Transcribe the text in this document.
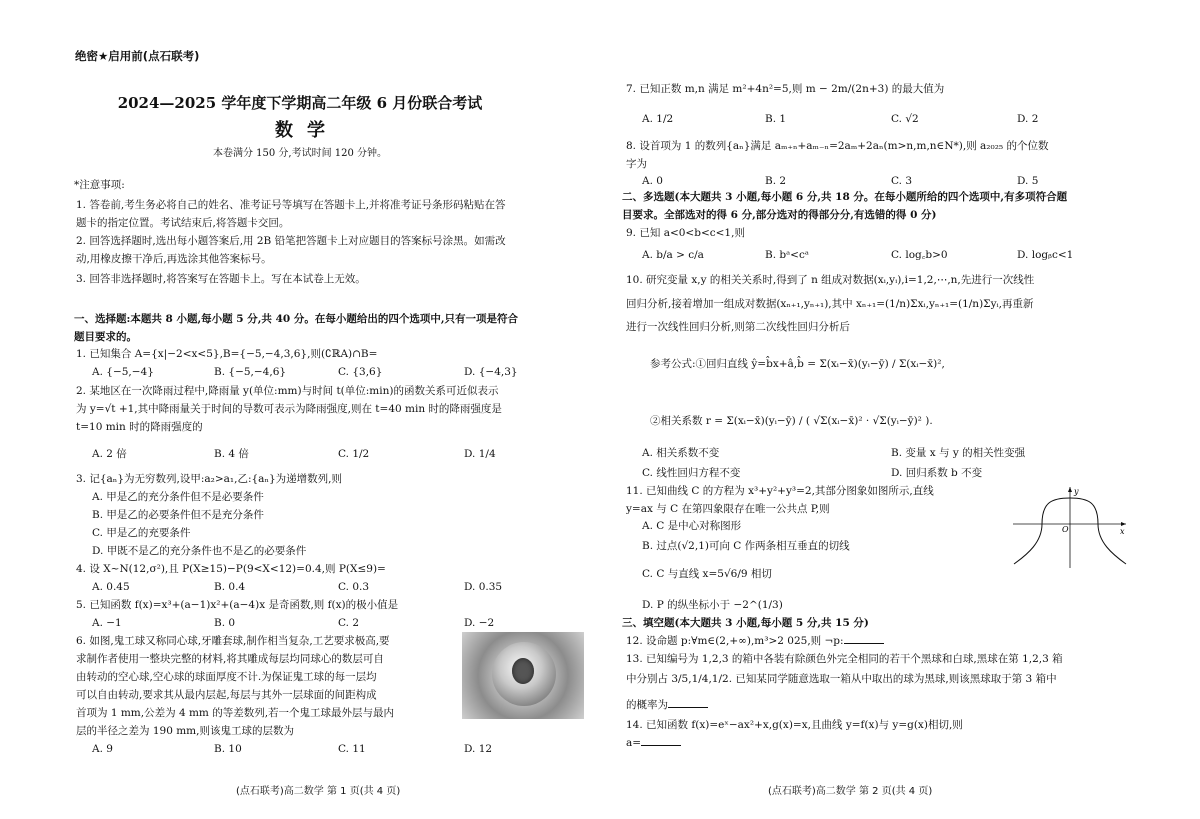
绝密★启用前(点石联考)
2024—2025 学年度下学期高二年级 6 月份联合考试
数学
本卷满分 150 分,考试时间 120 分钟。
*注意事项:
1. 答卷前,考生务必将自己的姓名、准考证号等填写在答题卡上,并将准考证号条形码粘贴在答
题卡的指定位置。考试结束后,将答题卡交回。
2. 回答选择题时,选出每小题答案后,用 2B 铅笔把答题卡上对应题目的答案标号涂黑。如需改
动,用橡皮擦干净后,再选涂其他答案标号。
3. 回答非选择题时,将答案写在答题卡上。写在本试卷上无效。
一、选择题:本题共 8 小题,每小题 5 分,共 40 分。在每小题给出的四个选项中,只有一项是符合
题目要求的。
1. 已知集合 A={x|−2<x<5},B={−5,−4,3,6},则(∁ℝA)∩B=
A. {−5,−4}	B. {−5,−4,6}	C. {3,6}	D. {−4,3}
2. 某地区在一次降雨过程中,降雨量 y(单位:mm)与时间 t(单位:min)的函数关系可近似表示
为 y=√t +1,其中降雨量关于时间的导数可表示为降雨强度,则在 t=40 min 时的降雨强度是
t=10 min 时的降雨强度的
A. 2 倍	B. 4 倍	C. 1/2	D. 1/4
3. 记{aₙ}为无穷数列,设甲:a₂>a₁,乙:{aₙ}为递增数列,则
A. 甲是乙的充分条件但不是必要条件
B. 甲是乙的必要条件但不是充分条件
C. 甲是乙的充要条件
D. 甲既不是乙的充分条件也不是乙的必要条件
4. 设 X~N(12,σ²),且 P(X≥15)−P(9<X<12)=0.4,则 P(X≤9)=
A. 0.45	B. 0.4	C. 0.3	D. 0.35
5. 已知函数 f(x)=x³+(a−1)x²+(a−4)x 是奇函数,则 f(x)的极小值是
A. −1	B. 0	C. 2	D. −2
6. 如图,鬼工球又称同心球,牙雕套球,制作相当复杂,工艺要求极高,要
求制作者使用一整块完整的材料,将其雕成每层均同球心的数层可自
由转动的空心球,空心球的球面厚度不计.为保证鬼工球的每一层均
可以自由转动,要求其从最内层起,每层与其外一层球面的间距构成
首项为 1 mm,公差为 4 mm 的等差数列,若一个鬼工球最外层与最内
层的半径之差为 190 mm,则该鬼工球的层数为
A. 9	B. 10	C. 11	D. 12
(点石联考)高二数学 第 1 页(共 4 页)
7. 已知正数 m,n 满足 m²+4n²=5,则 m − 2m/(2n+3) 的最大值为
A. 1/2	B. 1	C. √2	D. 2
8. 设首项为 1 的数列{aₙ}满足 aₘ₊ₙ+aₘ₋ₙ=2aₘ+2aₙ(m>n,m,n∈N*),则 a₂₀₂₅ 的个位数
字为
A. 0	B. 2	C. 3	D. 5
二、多选题(本大题共 3 小题,每小题 6 分,共 18 分。在每小题所给的四个选项中,有多项符合题
目要求。全部选对的得 6 分,部分选对的得部分分,有选错的得 0 分)
9. 已知 a<0<b<c<1,则
A. b/a > c/a	B. bᵃ<cᵃ	C. log꜀b>0	D. logᵦc<1
10. 研究变量 x,y 的相关关系时,得到了 n 组成对数据(xᵢ,yᵢ),i=1,2,⋯,n,先进行一次线性
回归分析,接着增加一组成对数据(xₙ₊₁,yₙ₊₁),其中 xₙ₊₁=(1/n)Σxᵢ,yₙ₊₁=(1/n)Σyᵢ,再重新
进行一次线性回归分析,则第二次线性回归分析后
参考公式:①回归直线 ŷ=b̂x+â,b̂ = Σ(xᵢ−x̄)(yᵢ−ȳ) / Σ(xᵢ−x̄)²,
②相关系数 r = Σ(xᵢ−x̄)(yᵢ−ȳ) / ( √Σ(xᵢ−x̄)² · √Σ(yᵢ−ȳ)² ).
A. 相关系数不变	B. 变量 x 与 y 的相关性变强
C. 线性回归方程不变	D. 回归系数 b 不变
11. 已知曲线 C 的方程为 x³+y²+y³=2,其部分图象如图所示,直线
y=ax 与 C 在第四象限存在唯一公共点 P,则
A. C 是中心对称图形
B. 过点(√2,1)可向 C 作两条相互垂直的切线
C. C 与直线 x=5√6/9 相切
D. P 的纵坐标小于 −2^(1/3)
三、填空题(本大题共 3 小题,每小题 5 分,共 15 分)
12. 设命题 p:∀m∈(2,+∞),m³>2 025,则 ¬p:
13. 已知编号为 1,2,3 的箱中各装有除颜色外完全相同的若干个黑球和白球,黑球在第 1,2,3 箱
中分别占 3/5,1/4,1/2. 已知某同学随意选取一箱从中取出的球为黑球,则该黑球取于第 3 箱中
的概率为
14. 已知函数 f(x)=eˣ−ax²+x,g(x)=x,且曲线 y=f(x)与 y=g(x)相切,则
a=
(点石联考)高二数学 第 2 页(共 4 页)
y
x
O
